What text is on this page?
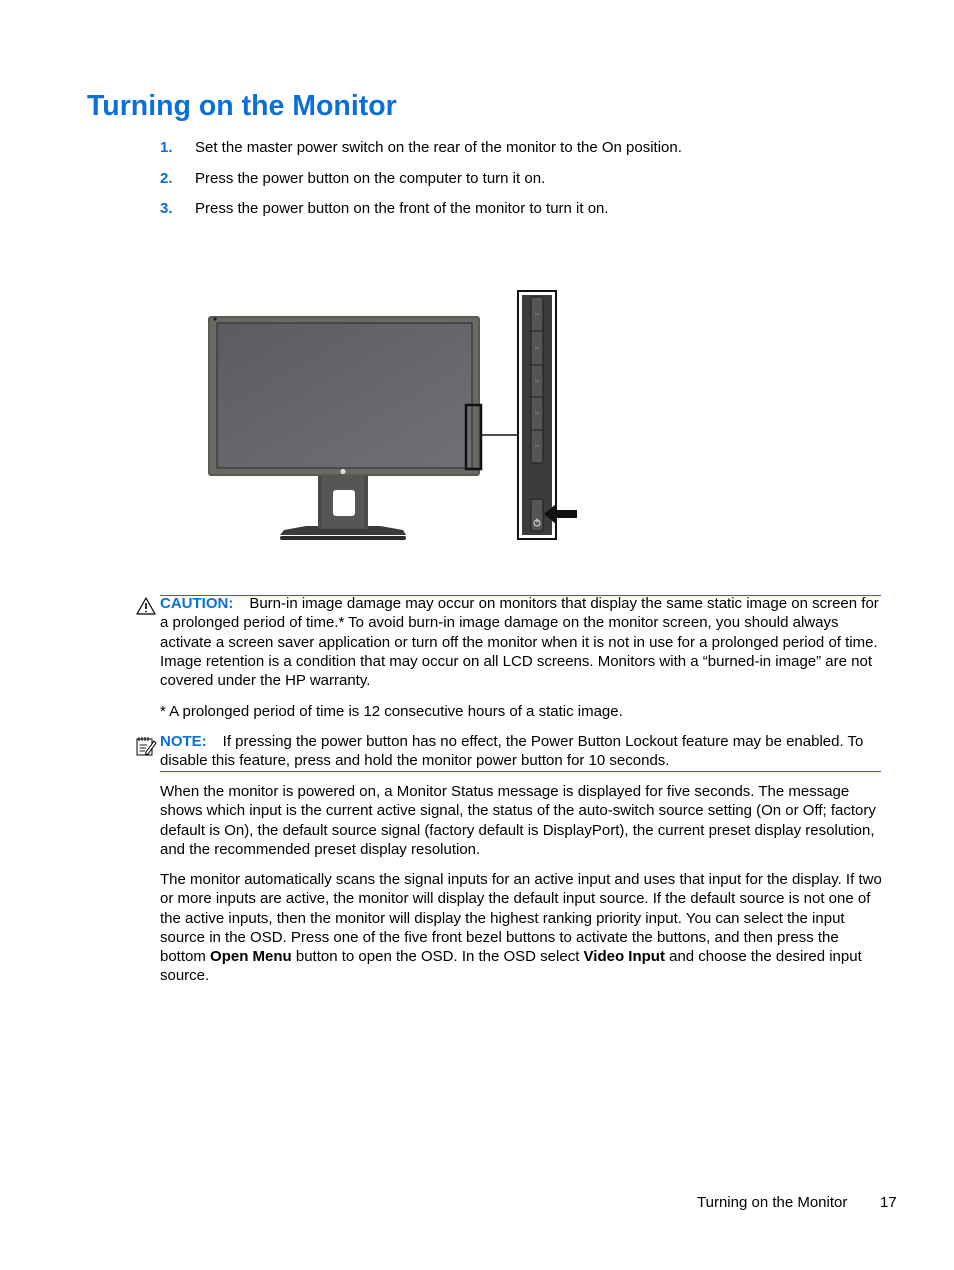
Turning on the Monitor
1. Set the master power switch on the rear of the monitor to the On position.
2. Press the power button on the computer to turn it on.
3. Press the power button on the front of the monitor to turn it on.
CAUTION: Burn-in image damage may occur on monitors that display the same static image on screen for a prolonged period of time.* To avoid burn-in image damage on the monitor screen, you should always activate a screen saver application or turn off the monitor when it is not in use for a prolonged period of time. Image retention is a condition that may occur on all LCD screens. Monitors with a “burned-in image” are not covered under the HP warranty.

* A prolonged period of time is 12 consecutive hours of a static image.

NOTE: If pressing the power button has no effect, the Power Button Lockout feature may be enabled. To disable this feature, press and hold the monitor power button for 10 seconds.

When the monitor is powered on, a Monitor Status message is displayed for five seconds. The message shows which input is the current active signal, the status of the auto-switch source setting (On or Off; factory default is On), the default source signal (factory default is DisplayPort), the current preset display resolution, and the recommended preset display resolution.

The monitor automatically scans the signal inputs for an active input and uses that input for the display. If two or more inputs are active, the monitor will display the default input source. If the default source is not one of the active inputs, then the monitor will display the highest ranking priority input. You can select the input source in the OSD. Press one of the five front bezel buttons to activate the buttons, and then press the bottom Open Menu button to open the OSD. In the OSD select Video Input and choose the desired input source.

Turning on the Monitor 17
